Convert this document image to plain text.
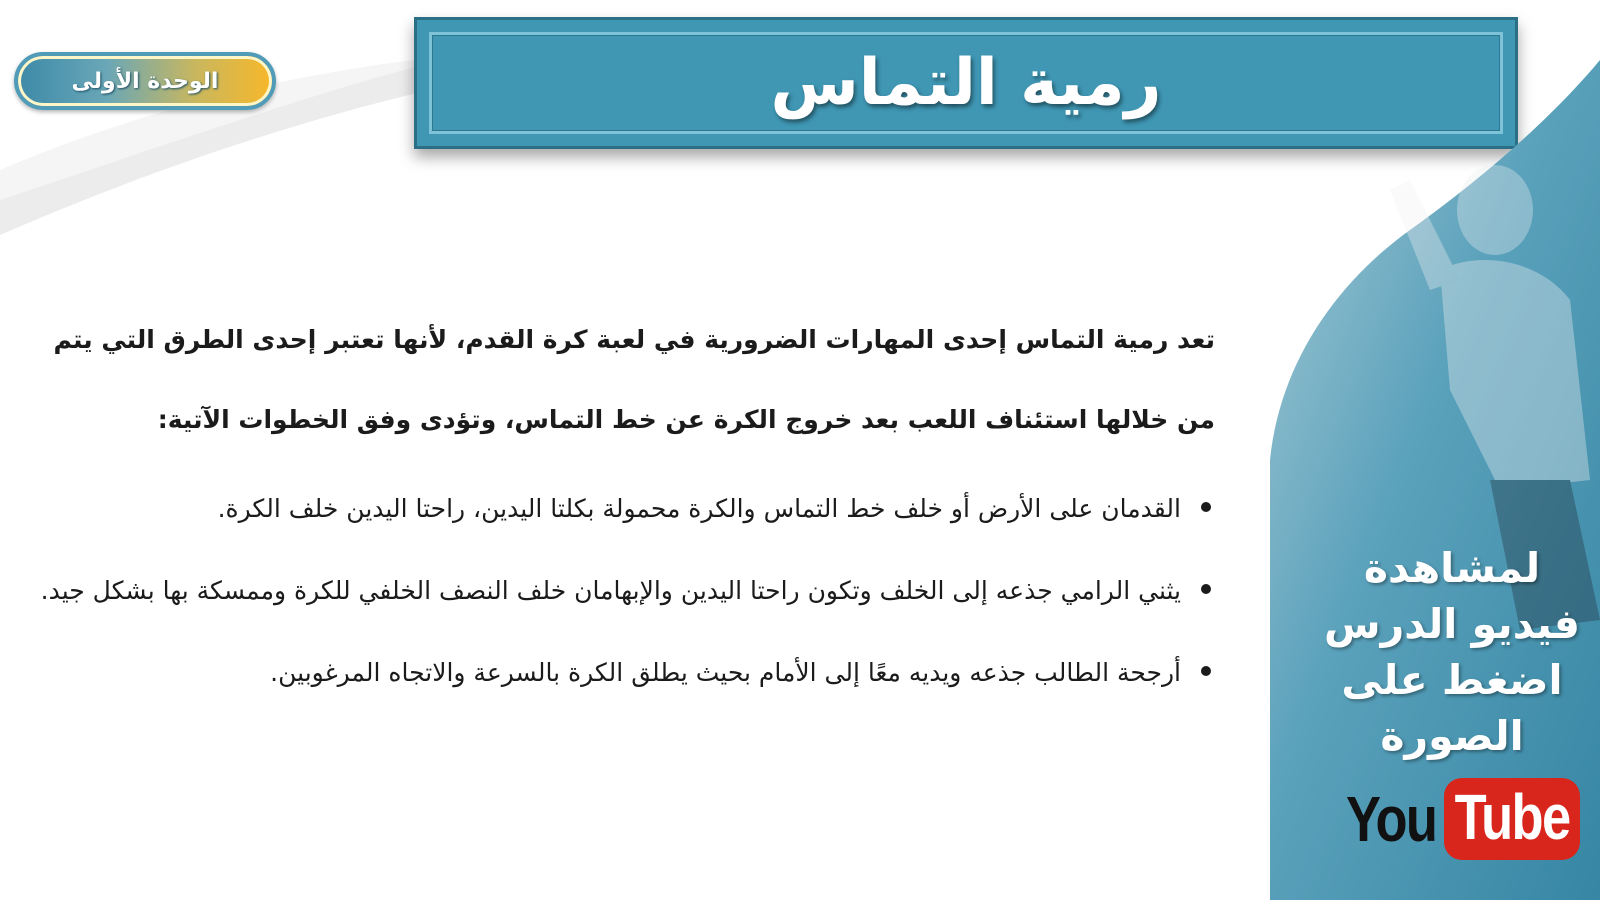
الوحدة الأولى	رمية التماس
لمشاهدة فيديو الدرس اضغط على الصورة
You Tube

تعد رمية التماس إحدى المهارات الضرورية في لعبة كرة القدم، لأنها تعتبر إحدى الطرق التي يتم من خلالها استئناف اللعب بعد خروج الكرة عن خط التماس، وتؤدى وفق الخطوات الآتية:

القدمان على الأرض أو خلف خط التماس والكرة محمولة بكلتا اليدين، راحتا اليدين خلف الكرة.
يثني الرامي جذعه إلى الخلف وتكون راحتا اليدين والإبهامان خلف النصف الخلفي للكرة وممسكة بها بشكل جيد.
أرجحة الطالب جذعه ويديه معًا إلى الأمام بحيث يطلق الكرة بالسرعة والاتجاه المرغوبين.
